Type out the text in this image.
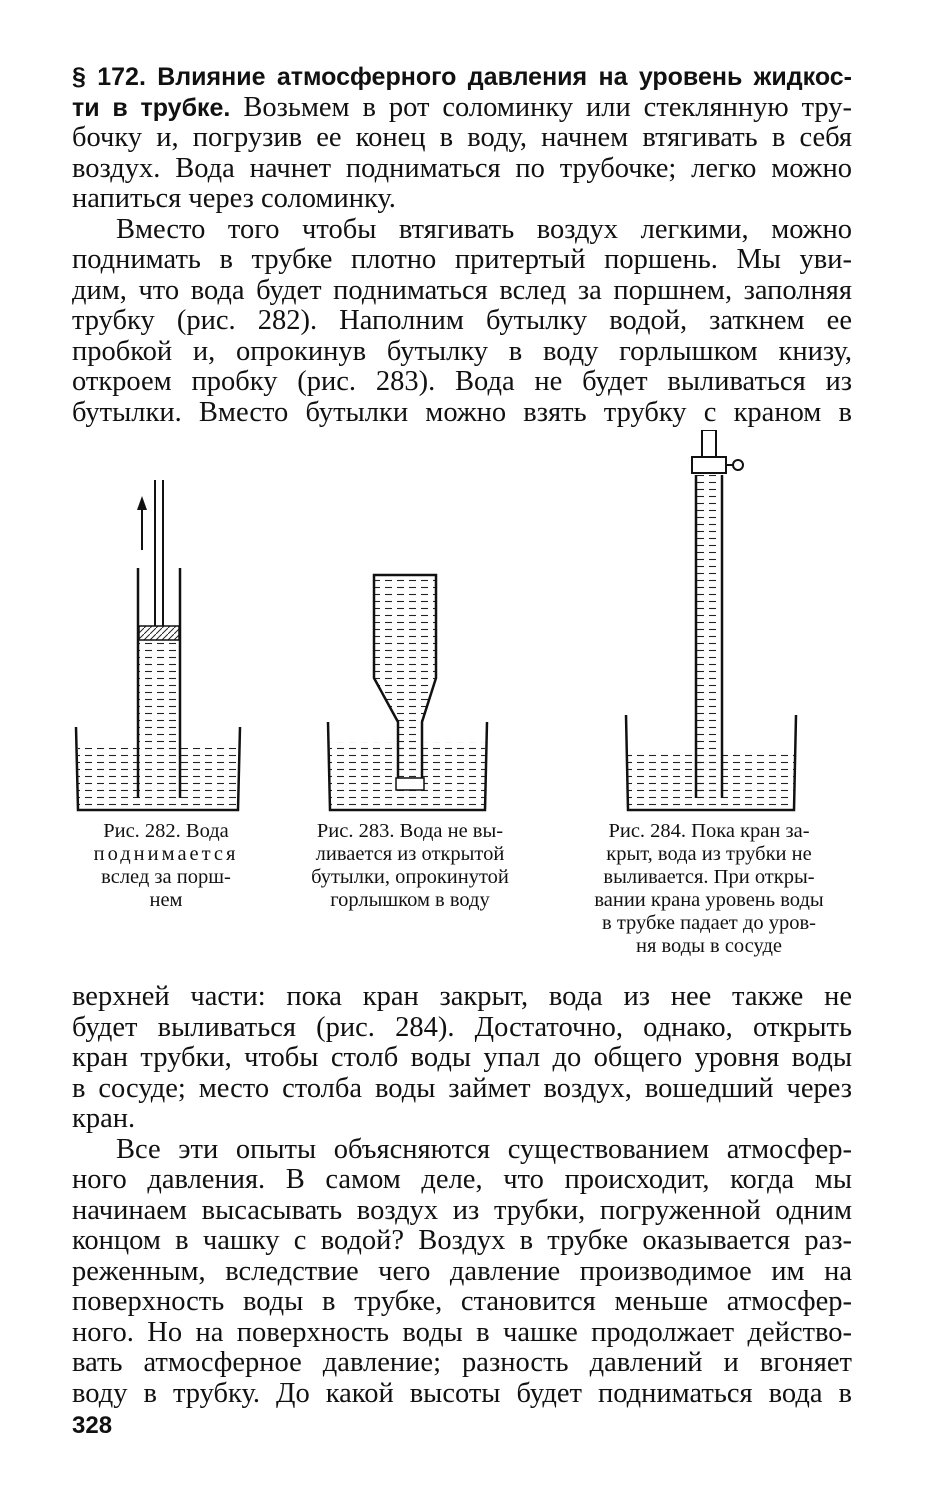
§ 172. Влияние атмосферного давления на уровень жидкос-
ти в трубке. Возьмем в рот соломинку или стеклянную тру-
бочку и, погрузив ее конец в воду, начнем втягивать в себя
воздух. Вода начнет подниматься по трубочке; легко можно
напиться через соломинку.
Вместо того чтобы втягивать воздух легкими, можно
поднимать в трубке плотно притертый поршень. Мы уви-
дим, что вода будет подниматься вслед за поршнем, заполняя
трубку (рис. 282). Наполним бутылку водой, заткнем ее
пробкой и, опрокинув бутылку в воду горлышком книзу,
откроем пробку (рис. 283). Вода не будет выливаться из
бутылки. Вместо бутылки можно взять трубку с краном в
Рис. 282. Вода
поднимается
вслед за порш-
нем
Рис. 283. Вода не вы-
ливается из открытой
бутылки, опрокинутой
горлышком в воду
Рис. 284. Пока кран за-
крыт, вода из трубки не
выливается. При откры-
вании крана уровень воды
в трубке падает до уров-
ня воды в сосуде
верхней части: пока кран закрыт, вода из нее также не
будет выливаться (рис. 284). Достаточно, однако, открыть
кран трубки, чтобы столб воды упал до общего уровня воды
в сосуде; место столба воды займет воздух, вошедший через
кран.
Все эти опыты объясняются существованием атмосфер-
ного давления. В самом деле, что происходит, когда мы
начинаем высасывать воздух из трубки, погруженной одним
концом в чашку с водой? Воздух в трубке оказывается раз-
реженным, вследствие чего давление производимое им на
поверхность воды в трубке, становится меньше атмосфер-
ного. Но на поверхность воды в чашке продолжает действо-
вать атмосферное давление; разность давлений и вгоняет
воду в трубку. До какой высоты будет подниматься вода в
328
